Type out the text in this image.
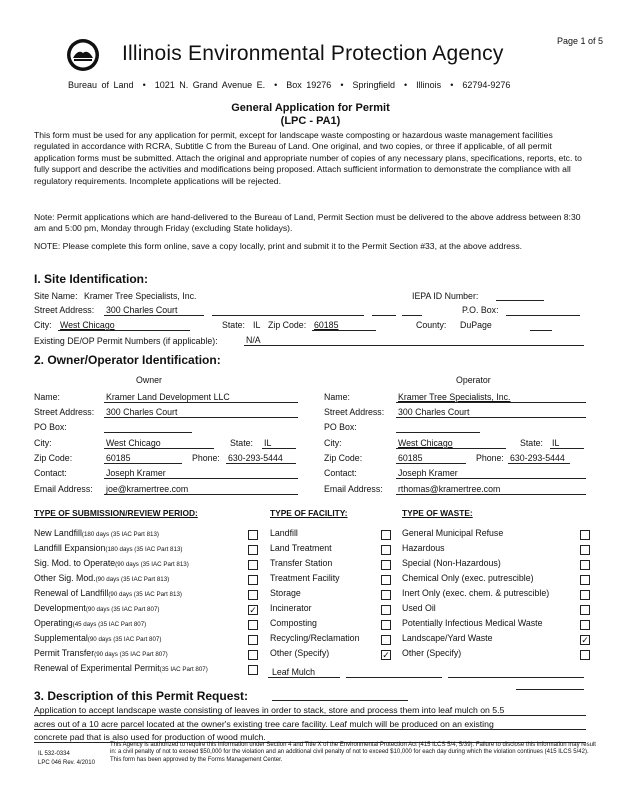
Page 1 of 5
Illinois Environmental Protection Agency
Bureau of Land  •  1021 N. Grand Avenue E.  •  Box 19276  •  Springfield  •  Illinois  •  62794-9276
General Application for Permit
(LPC - PA1)
This form must be used for any application for permit, except for landscape waste composting or hazardous waste management facilities regulated in accordance with RCRA, Subtitle C from the Bureau of Land. One original, and two copies, or three if applicable, of all permit application forms must be submitted. Attach the original and appropriate number of copies of any necessary plans, specifications, reports, etc. to fully support and describe the activities and modifications being proposed. Attach sufficient information to demonstrate the compliance with all regulatory requirements. Incomplete applications will be rejected.
Note: Permit applications which are hand-delivered to the Bureau of Land, Permit Section must be delivered to the above address between 8:30 am and 5:00 pm, Monday through Friday (excluding State holidays).
NOTE: Please complete this form online, save a copy locally, print and submit it to the Permit Section #33, at the above address.
I. Site Identification:
Site Name: Kramer Tree Specialists, Inc.	IEPA ID Number:
Street Address: 300 Charles Court	P.O. Box:
City: West Chicago	State: IL Zip Code: 60185	County: DuPage
Existing DE/OP Permit Numbers (if applicable):	N/A
2. Owner/Operator Identification:
Owner	Operator
Name:	Kramer Land Development LLC
Street Address: 300 Charles Court
PO Box:
City:	West Chicago	State: IL
Zip Code:	60185	Phone: 630-293-5444
Contact:	Joseph Kramer
Email Address: joe@kramertree.com
Name:	Kramer Tree Specialists, Inc.
Street Address: 300 Charles Court
PO Box:
City:	West Chicago	State: IL
Zip Code:	60185	Phone: 630-293-5444
Contact:	Joseph Kramer
Email Address: rthomas@kramertree.com
TYPE OF SUBMISSION/REVIEW PERIOD:	TYPE OF FACILITY:	TYPE OF WASTE:
New Landfill(180 days (35 IAC Part 813)
Landfill Expansion(180 days (35 IAC Part 813)
Sig. Mod. to Operate(90 days (35 IAC Part 813)
Other Sig. Mod.(90 days (35 IAC Part 813)
Renewal of Landfill(90 days (35 IAC Part 813)
Development(90 days (35 IAC Part 807)	✓
Operating(45 days (35 IAC Part 807)
Supplemental(90 days (35 IAC Part 807)
Permit Transfer(90 days (35 IAC Part 807)
Renewal of Experimental Permit(35 IAC Part 807)
Landfill
Land Treatment
Transfer Station
Treatment Facility
Storage
Incinerator
Composting
Recycling/Reclamation
Other (Specify)	✓
General Municipal Refuse
Hazardous
Special (Non-Hazardous)
Chemical Only (exec. putrescible)
Inert Only (exec. chem. & putrescible)
Used Oil
Potentially Infectious Medical Waste
Landscape/Yard Waste	✓
Other (Specify)
Leaf Mulch
3. Description of this Permit Request:
Application to accept landscape waste consisting of leaves in order to stack, store and process them into leaf mulch on 5.5
acres out of a 10 acre parcel located at the owner's existing tree care facility. Leaf mulch will be produced on an existing
concrete pad that is also used for production of wood mulch.
IL 532-0334
LPC 046 Rev. 4/2010
This Agency is authorized to require this information under Section 4 and Title X of the Environmental Protection Act (415 ILCS 5/4, 5/39). Failure to disclose this information may result in: a civil penalty of not to exceed $50,000 for the violation and an additional civil penalty of not to exceed $10,000 for each day during which the violation continues (415 ILCS 5/42). This form has been approved by the Forms Management Center.
